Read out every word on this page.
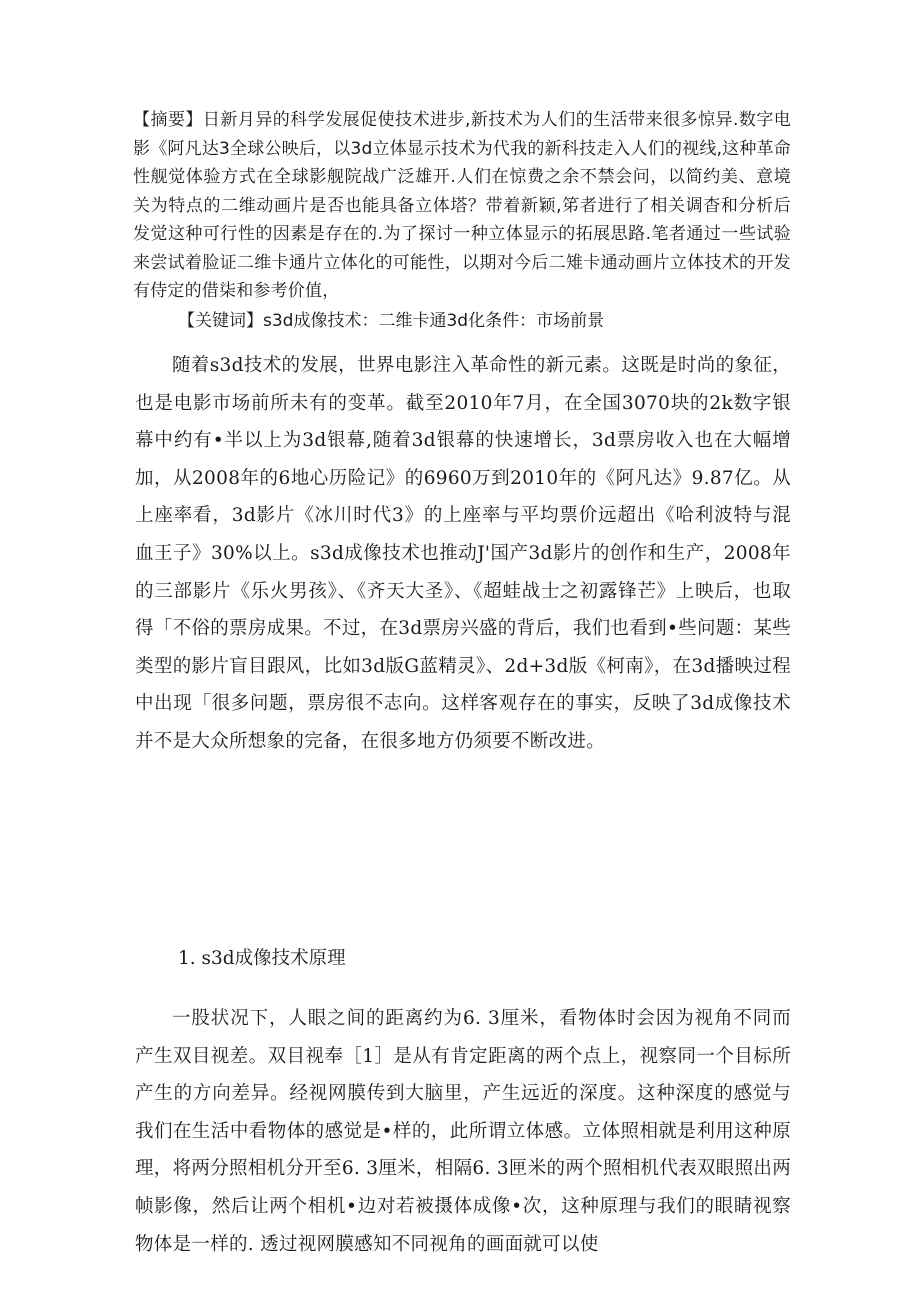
【摘要】日新月异的科学发展促使技术进步,新技术为人们的生活带来很多惊异.数字电影《阿凡达3全球公映后，以3d立体显示技术为代我的新科技走入人们的视线,这种革命性舰觉体验方式在全球影舰院战广泛雄开.人们在惊费之余不禁会问，以简约美、意境关为特点的二维动画片是否也能具备立体塔？带着新颖,笫者进行了相关调杳和分析后发觉这种可行性的因素是存在的.为了探讨一种立体显示的拓展思路.笔者通过一些试验来尝试着脸证二维卡通片立体化的可能性，以期对今后二雉卡通动画片立体技术的开发有侍定的借柒和参考价值，

【关键词】s3d成像技术：二维卡通3d化条件：市场前景

随着s3d技术的发展，世界电影注入革命性的新元素。这既是时尚的象征，也是电影市场前所未有的变革。截至2010年7月，在全国3070块的2k数字银幕中约有•半以上为3d银幕,随着3d银幕的快速增长，3d票房收入也在大幅增加，从2008年的6地心历险记》的6960万到2010年的《阿凡达》9.87亿。从上座率看，3d影片《冰川时代3》的上座率与平均票价远超出《哈利波特与混血王子》30%以上。s3d成像技术也推动J'国产3d影片的创作和生产，2008年的三部影片《乐火男孩》、《齐天大圣》、《超蛙战士之初露锋芒》上映后，也取得「不俗的票房成果。不过，在3d票房兴盛的背后，我们也看到•些问题：某些类型的影片盲目跟风，比如3d版G蓝精灵》、2d+3d版《柯南》，在3d播映过程中出现「很多问题，票房很不志向。这样客观存在的事实，反映了3d成像技术并不是大众所想象的完备，在很多地方仍须要不断改进。

1. s3d成像技术原理

一股状况下，人眼之间的距离约为6. 3厘米，看物体时会因为视角不同而产生双目视差。双目视奉［1］是从有肯定距离的两个点上，视察同一个目标所产生的方向差异。经视网膜传到大脑里，产生远近的深度。这种深度的感觉与我们在生活中看物体的感觉是•样的，此所谓立体感。立体照相就是利用这种原理，将两分照相机分开至6. 3厘米，相隔6. 3匣米的两个照相机代表双眼照出两帧影像，然后让两个相机•边对若被摄体成像•次，这种原理与我们的眼睛视察物体是一样的. 透过视网膜感知不同视角的画面就可以使
